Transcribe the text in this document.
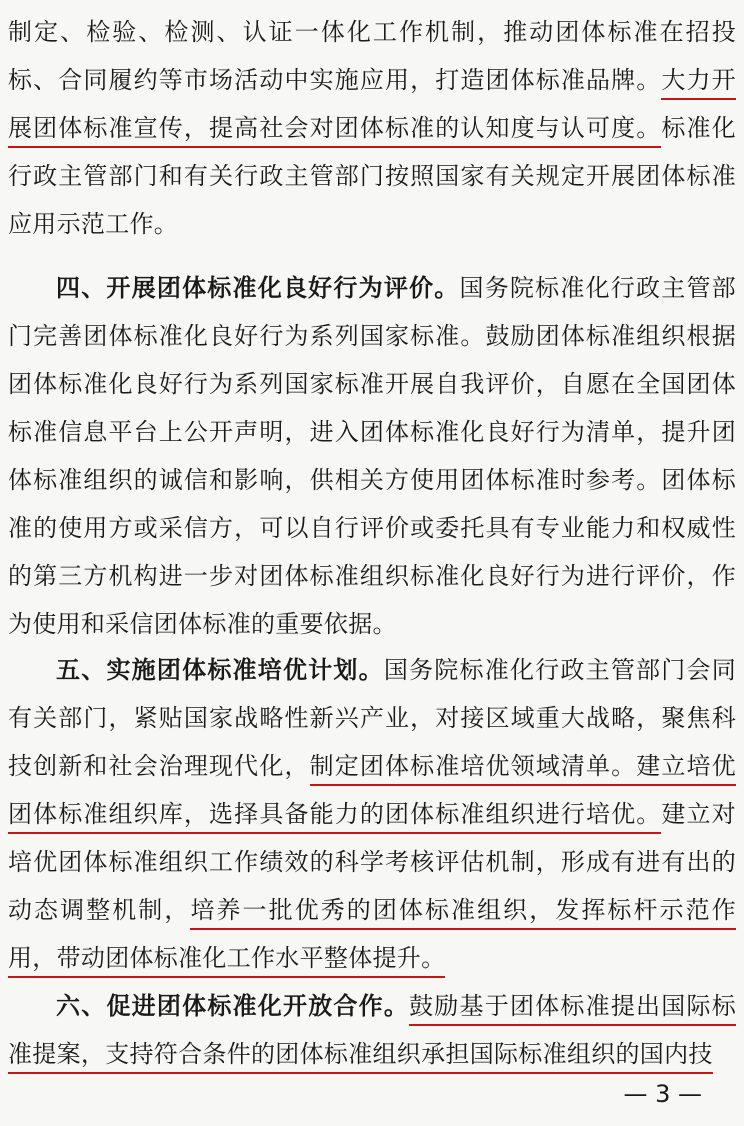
制定、检验、检测、认证一体化工作机制，推动团体标准在招投标、合同履约等市场活动中实施应用，打造团体标准品牌。大力开展团体标准宣传，提高社会对团体标准的认知度与认可度。标准化行政主管部门和有关行政主管部门按照国家有关规定开展团体标准应用示范工作。

四、开展团体标准化良好行为评价。国务院标准化行政主管部门完善团体标准化良好行为系列国家标准。鼓励团体标准组织根据团体标准化良好行为系列国家标准开展自我评价，自愿在全国团体标准信息平台上公开声明，进入团体标准化良好行为清单，提升团体标准组织的诚信和影响，供相关方使用团体标准时参考。团体标准的使用方或采信方，可以自行评价或委托具有专业能力和权威性的第三方机构进一步对团体标准组织标准化良好行为进行评价，作为使用和采信团体标准的重要依据。

五、实施团体标准培优计划。国务院标准化行政主管部门会同有关部门，紧贴国家战略性新兴产业，对接区域重大战略，聚焦科技创新和社会治理现代化，制定团体标准培优领域清单。建立培优团体标准组织库，选择具备能力的团体标准组织进行培优。建立对培优团体标准组织工作绩效的科学考核评估机制，形成有进有出的动态调整机制，培养一批优秀的团体标准组织，发挥标杆示范作用，带动团体标准化工作水平整体提升。

六、促进团体标准化开放合作。鼓励基于团体标准提出国际标准提案，支持符合条件的团体标准组织承担国际标准组织的国内技

— 3 —
